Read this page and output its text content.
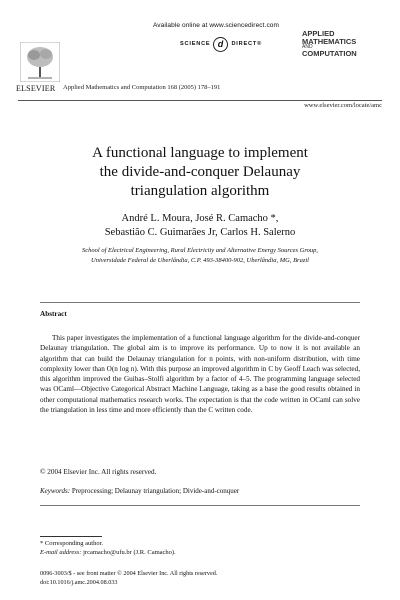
Available online at www.sciencedirect.com
SCIENCE d	DIRECT®
ELSEVIER Applied Mathematics and Computation 168 (2005) 178–191
APPLIED
MATHEMATICS
AND
COMPUTATION
www.elsevier.com/locate/amc
A functional language to implement
the divide-and-conquer Delaunay
triangulation algorithm
André L. Moura, José R. Camacho *,
Sebastião C. Guimarães Jr, Carlos H. Salerno
School of Electrical Engineering, Rural Electricity and Alternative Energy Sources Group,
Universidade Federal de Uberlândia, C.P. 493-38400-902, Uberlândia, MG, Brazil
Abstract
This paper investigates the implementation of a functional language algorithm for the divide-and-conquer Delaunay triangulation. The global aim is to improve its performance. Up to now it is not available an algorithm that can build the Delaunay triangulation for n points, with non-uniform distribution, with time complexity lower than O(n log n). With this purpose an improved algorithm in C by Geoff Leach was selected, this algorithm improved the Guibas–Stolfi algorithm by a factor of 4–5. The programming language selected was OCaml—Objective Categorical Abstract Machine Language, taking as a base the good results obtained in other computational mathematics research works. The expectation is that the code written in OCaml can solve the triangulation in less time and more efficiently than the C written code.
© 2004 Elsevier Inc. All rights reserved.
Keywords: Preprocessing; Delaunay triangulation; Divide-and-conquer
* Corresponding author.
E-mail address: jrcamacho@ufu.br (J.R. Camacho).
0096-3003/$ - see front matter © 2004 Elsevier Inc. All rights reserved.
doi:10.1016/j.amc.2004.08.033
